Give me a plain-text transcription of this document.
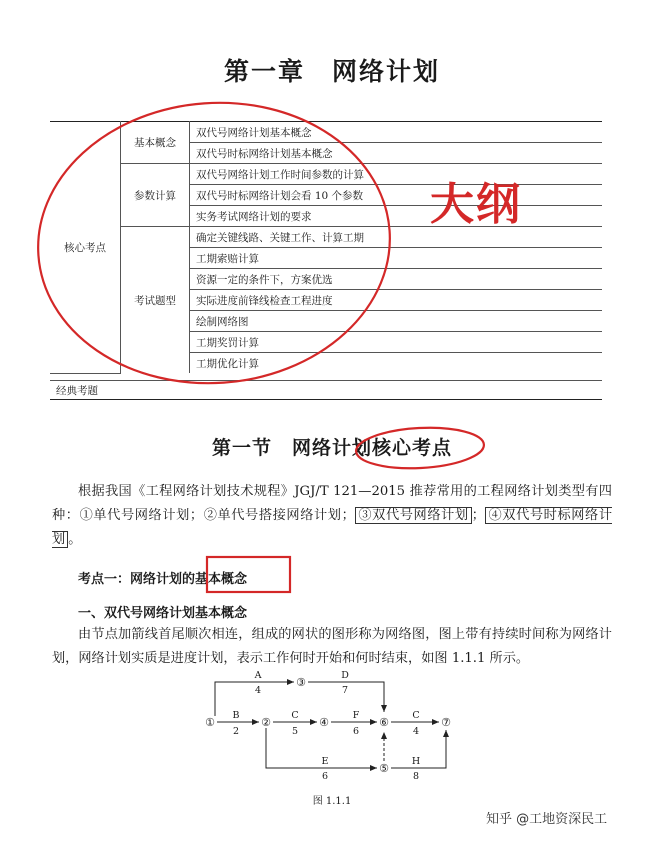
第一章　网络计划
核心考点	基本概念	双代号网络计划基本概念
		双代号时标网络计划基本概念
	参数计算	双代号网络计划工作时间参数的计算
		双代号时标网络计划会看 10 个参数
		实务考试网络计划的要求
	考试题型	确定关键线路、关键工作、计算工期
		工期索赔计算
		资源一定的条件下，方案优选
		实际进度前锋线检查工程进度
		绘制网络图
		工期奖罚计算
		工期优化计算
经典考题

大纲

第一节　网络计划核心考点

根据我国《工程网络计划技术规程》JGJ/T 121—2015 推荐常用的工程网络计划类型有四种：①单代号网络计划；②单代号搭接网络计划； ③双代号网络计划 ； ④双代号时标网络计划 。

考点一：网络计划的基本概念

一、双代号网络计划基本概念

由节点加箭线首尾顺次相连，组成的网状的图形称为网络图，图上带有持续时间称为网络计划，网络计划实质是进度计划，表示工作何时开始和何时结束，如图 1.1.1 所示。

①	②
③
④
⑤
⑥	⑦
A
4
D
7
B
2
C
5
F
6
C
4
E
6
H
8

图 1.1.1

知乎 @工地资深民工
